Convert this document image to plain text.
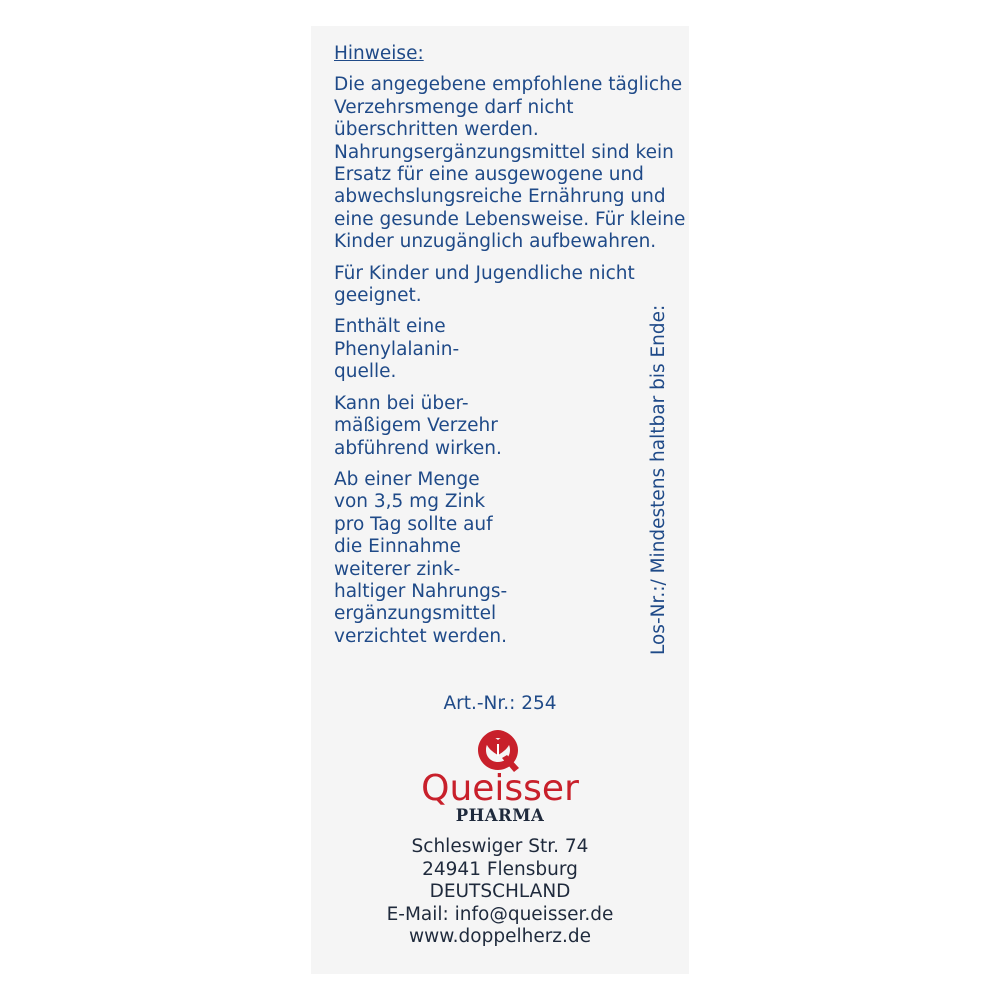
Hinweise:

Die angegebene empfohlene tägliche
Verzehrsmenge darf nicht
überschritten werden.
Nahrungsergänzungsmittel sind kein
Ersatz für eine ausgewogene und
abwechslungsreiche Ernährung und
eine gesunde Lebensweise. Für kleine
Kinder unzugänglich aufbewahren.

Für Kinder und Jugendliche nicht
geeignet.

Enthält eine
Phenylalanin-
quelle.

Kann bei über-
mäßigem Verzehr
abführend wirken.

Ab einer Menge
von 3,5 mg Zink
pro Tag sollte auf
die Einnahme
weiterer zink-
haltiger Nahrungs-
ergänzungsmittel
verzichtet werden.	Los-Nr.:/ Mindestens haltbar bis Ende:
Art.-Nr.: 254
Queisser
PHARMA
Schleswiger Str. 74
24941 Flensburg
DEUTSCHLAND
E-Mail: info@queisser.de
www.doppelherz.de
